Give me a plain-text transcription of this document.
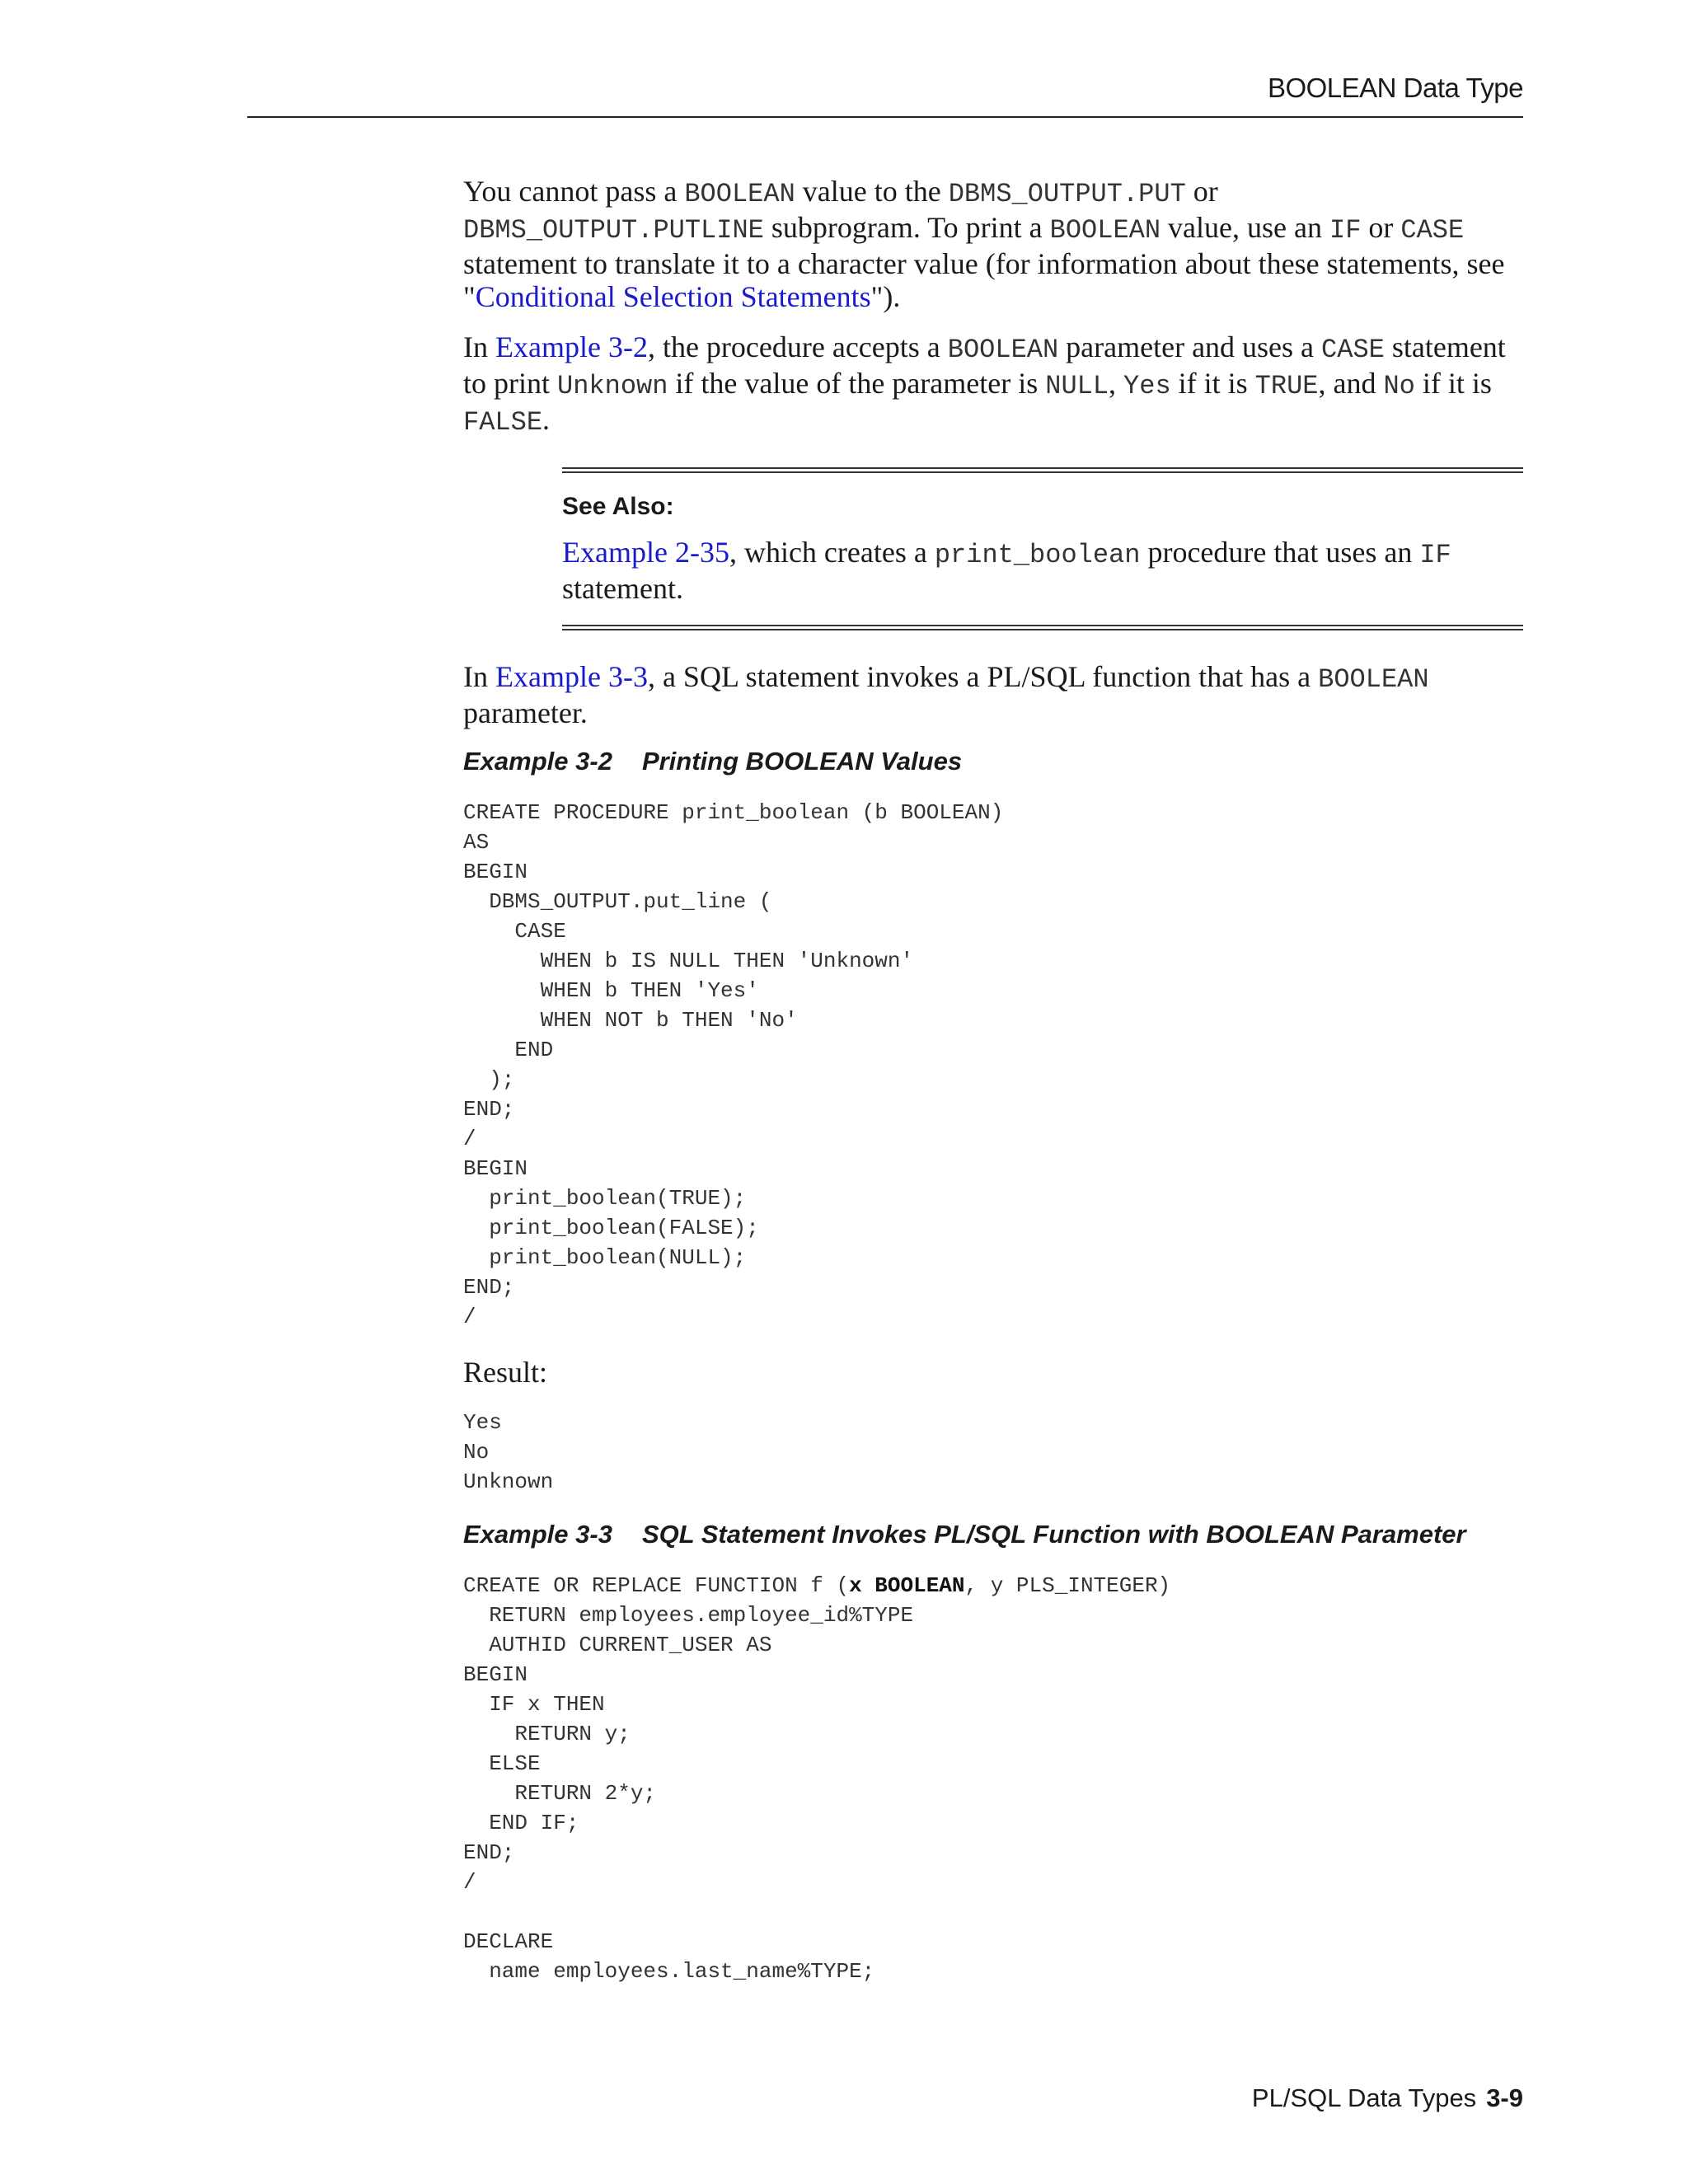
BOOLEAN Data Type

You cannot pass a BOOLEAN value to the DBMS_OUTPUT.PUT or DBMS_OUTPUT.PUTLINE subprogram. To print a BOOLEAN value, use an IF or CASE statement to translate it to a character value (for information about these statements, see "Conditional Selection Statements").

In Example 3-2, the procedure accepts a BOOLEAN parameter and uses a CASE statement to print Unknown if the value of the parameter is NULL, Yes if it is TRUE, and No if it is FALSE.

See Also:

Example 2-35, which creates a print_boolean procedure that uses an IF statement.

In Example 3-3, a SQL statement invokes a PL/SQL function that has a BOOLEAN parameter.

Example 3-2 Printing BOOLEAN Values
CREATE PROCEDURE print_boolean (b BOOLEAN)
AS
BEGIN
DBMS_OUTPUT.put_line (
CASE
WHEN b IS NULL THEN 'Unknown'
WHEN b THEN 'Yes'
WHEN NOT b THEN 'No'
END
);
END;
/
BEGIN
print_boolean(TRUE);
print_boolean(FALSE);
print_boolean(NULL);
END;
/
Result:
Yes
No
Unknown
Example 3-3 SQL Statement Invokes PL/SQL Function with BOOLEAN Parameter
CREATE OR REPLACE FUNCTION f (x BOOLEAN, y PLS_INTEGER)
RETURN employees.employee_id%TYPE
AUTHID CURRENT_USER AS
BEGIN
IF x THEN
RETURN y;
ELSE
RETURN 2*y;
END IF;
END;
/
DECLARE
name employees.last_name%TYPE;
PL/SQL Data Types 3-9
